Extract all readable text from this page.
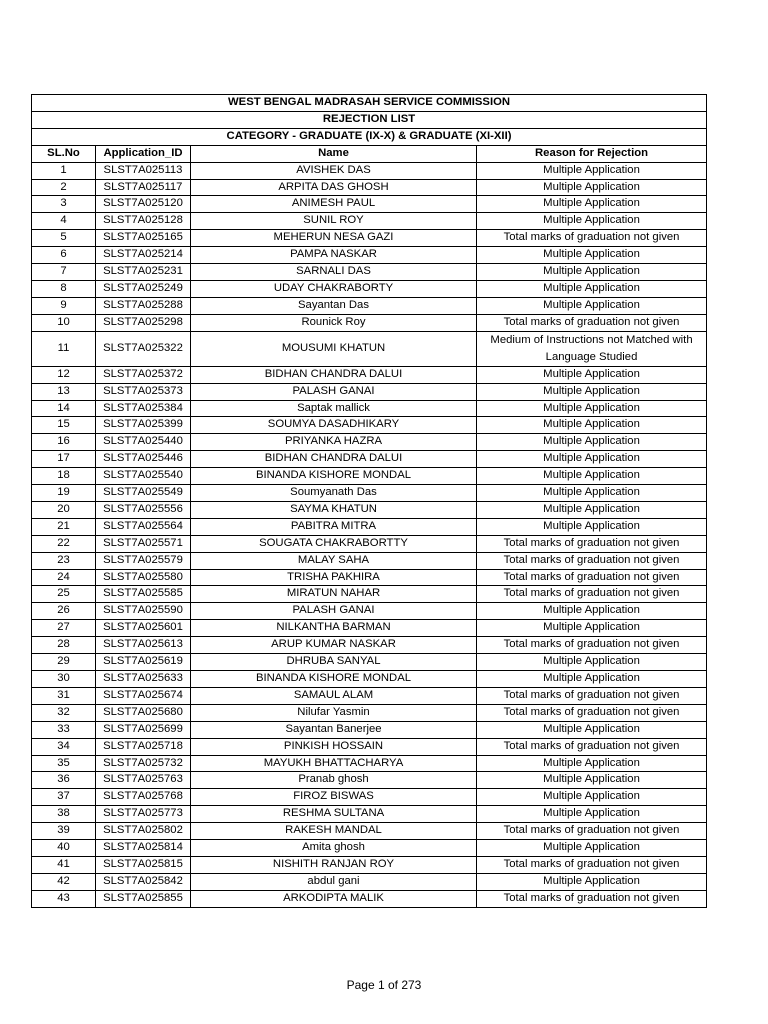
WEST BENGAL MADRASAH SERVICE COMMISSION			
REJECTION LIST			
CATEGORY - GRADUATE (IX-X) & GRADUATE (XI-XII)			
SL.No	Application_ID	Name	Reason for Rejection
1	SLST7A025113	AVISHEK DAS	Multiple Application
2	SLST7A025117	ARPITA DAS GHOSH	Multiple Application
3	SLST7A025120	ANIMESH PAUL	Multiple Application
4	SLST7A025128	SUNIL ROY	Multiple Application
5	SLST7A025165	MEHERUN NESA GAZI	Total marks of graduation not given
6	SLST7A025214	PAMPA NASKAR	Multiple Application
7	SLST7A025231	SARNALI DAS	Multiple Application
8	SLST7A025249	UDAY CHAKRABORTY	Multiple Application
9	SLST7A025288	Sayantan Das	Multiple Application
10	SLST7A025298	Rounick Roy	Total marks of graduation not given
11	SLST7A025322	MOUSUMI KHATUN	Medium of Instructions not Matched with Language Studied
12	SLST7A025372	BIDHAN CHANDRA DALUI	Multiple Application
13	SLST7A025373	PALASH GANAI	Multiple Application
14	SLST7A025384	Saptak mallick	Multiple Application
15	SLST7A025399	SOUMYA DASADHIKARY	Multiple Application
16	SLST7A025440	PRIYANKA HAZRA	Multiple Application
17	SLST7A025446	BIDHAN CHANDRA DALUI	Multiple Application
18	SLST7A025540	BINANDA KISHORE MONDAL	Multiple Application
19	SLST7A025549	Soumyanath Das	Multiple Application
20	SLST7A025556	SAYMA KHATUN	Multiple Application
21	SLST7A025564	PABITRA MITRA	Multiple Application
22	SLST7A025571	SOUGATA CHAKRABORTTY	Total marks of graduation not given
23	SLST7A025579	MALAY SAHA	Total marks of graduation not given
24	SLST7A025580	TRISHA PAKHIRA	Total marks of graduation not given
25	SLST7A025585	MIRATUN NAHAR	Total marks of graduation not given
26	SLST7A025590	PALASH GANAI	Multiple Application
27	SLST7A025601	NILKANTHA BARMAN	Multiple Application
28	SLST7A025613	ARUP KUMAR NASKAR	Total marks of graduation not given
29	SLST7A025619	DHRUBA SANYAL	Multiple Application
30	SLST7A025633	BINANDA KISHORE MONDAL	Multiple Application
31	SLST7A025674	SAMAUL ALAM	Total marks of graduation not given
32	SLST7A025680	Nilufar Yasmin	Total marks of graduation not given
33	SLST7A025699	Sayantan Banerjee	Multiple Application
34	SLST7A025718	PINKISH HOSSAIN	Total marks of graduation not given
35	SLST7A025732	MAYUKH BHATTACHARYA	Multiple Application
36	SLST7A025763	Pranab ghosh	Multiple Application
37	SLST7A025768	FIROZ BISWAS	Multiple Application
38	SLST7A025773	RESHMA SULTANA	Multiple Application
39	SLST7A025802	RAKESH MANDAL	Total marks of graduation not given
40	SLST7A025814	Amita ghosh	Multiple Application
41	SLST7A025815	NISHITH RANJAN ROY	Total marks of graduation not given
42	SLST7A025842	abdul gani	Multiple Application
43	SLST7A025855	ARKODIPTA MALIK	Total marks of graduation not given
Page 1 of 273
